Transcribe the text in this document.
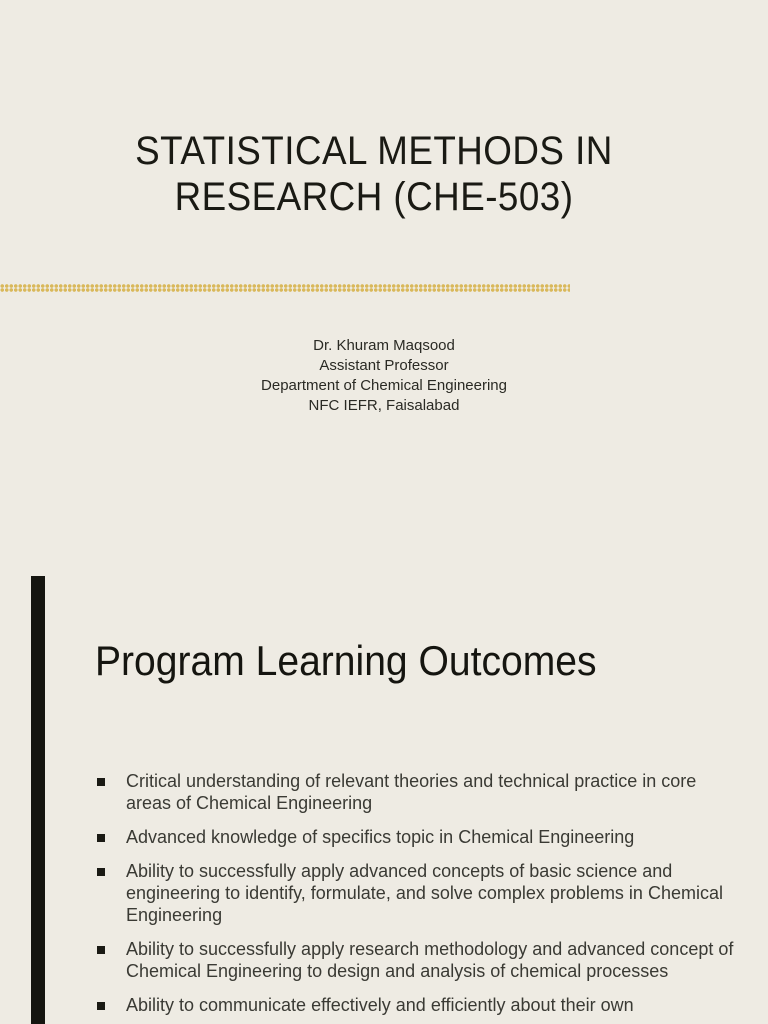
STATISTICAL METHODS IN
RESEARCH (CHE-503)
Dr. Khuram Maqsood
Assistant Professor
Department of Chemical Engineering
NFC IEFR, Faisalabad
Program Learning Outcomes
Critical understanding of relevant theories and technical practice in core areas of Chemical Engineering
Advanced knowledge of specifics topic in Chemical Engineering
Ability to successfully apply advanced concepts of basic science and engineering to identify, formulate, and solve complex problems in Chemical Engineering
Ability to successfully apply research methodology and advanced concept of Chemical Engineering to design and analysis of chemical processes
Ability to communicate effectively and efficiently about their own
